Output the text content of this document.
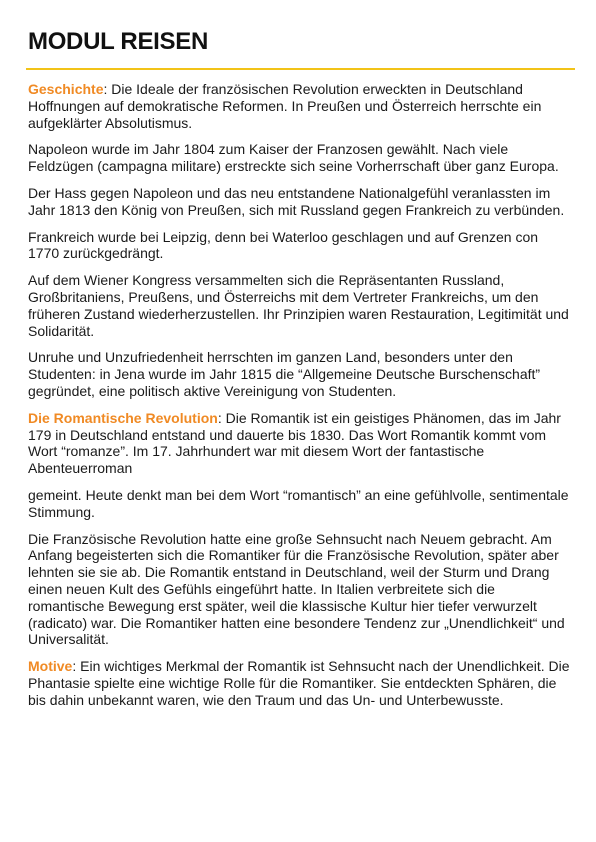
MODUL REISEN

Geschichte: Die Ideale der französischen Revolution erweckten in Deutschland Hoffnungen auf demokratische Reformen. In Preußen und Österreich herrschte ein aufgeklärter Absolutismus.

Napoleon wurde im Jahr 1804 zum Kaiser der Franzosen gewählt. Nach viele Feldzügen (campagna militare) erstreckte sich seine Vorherrschaft über ganz Europa.

Der Hass gegen Napoleon und das neu entstandene Nationalgefühl veranlassten im Jahr 1813 den König von Preußen, sich mit Russland gegen Frankreich zu verbünden.

Frankreich wurde bei Leipzig, denn bei Waterloo geschlagen und auf Grenzen con 1770 zurückgedrängt.

Auf dem Wiener Kongress versammelten sich die Repräsentanten Russland, Großbritaniens, Preußens, und Österreichs mit dem Vertreter Frankreichs, um den früheren Zustand wiederherzustellen. Ihr Prinzipien waren Restauration, Legitimität und Solidarität.

Unruhe und Unzufriedenheit herrschten im ganzen Land, besonders unter den Studenten: in Jena wurde im Jahr 1815 die “Allgemeine Deutsche Burschenschaft” gegründet, eine politisch aktive Vereinigung von Studenten.

Die Romantische Revolution: Die Romantik ist ein geistiges Phänomen, das im Jahr 179 in Deutschland entstand und dauerte bis 1830. Das Wort Romantik kommt vom Wort “romanze”. Im 17. Jahrhundert war mit diesem Wort der fantastische Abenteuerroman

gemeint. Heute denkt man bei dem Wort “romantisch” an eine gefühlvolle, sentimentale Stimmung.

Die Französische Revolution hatte eine große Sehnsucht nach Neuem gebracht. Am Anfang begeisterten sich die Romantiker für die Französische Revolution, später aber lehnten sie sie ab. Die Romantik entstand in Deutschland, weil der Sturm und Drang einen neuen Kult des Gefühls eingeführt hatte. In Italien verbreitete sich die romantische Bewegung erst später, weil die klassische Kultur hier tiefer verwurzelt (radicato) war. Die Romantiker hatten eine besondere Tendenz zur „Unendlichkeit“ und Universalität.

Motive: Ein wichtiges Merkmal der Romantik ist Sehnsucht nach der Unendlichkeit. Die Phantasie spielte eine wichtige Rolle für die Romantiker. Sie entdeckten Sphären, die bis dahin unbekannt waren, wie den Traum und das Un- und Unterbewusste.
